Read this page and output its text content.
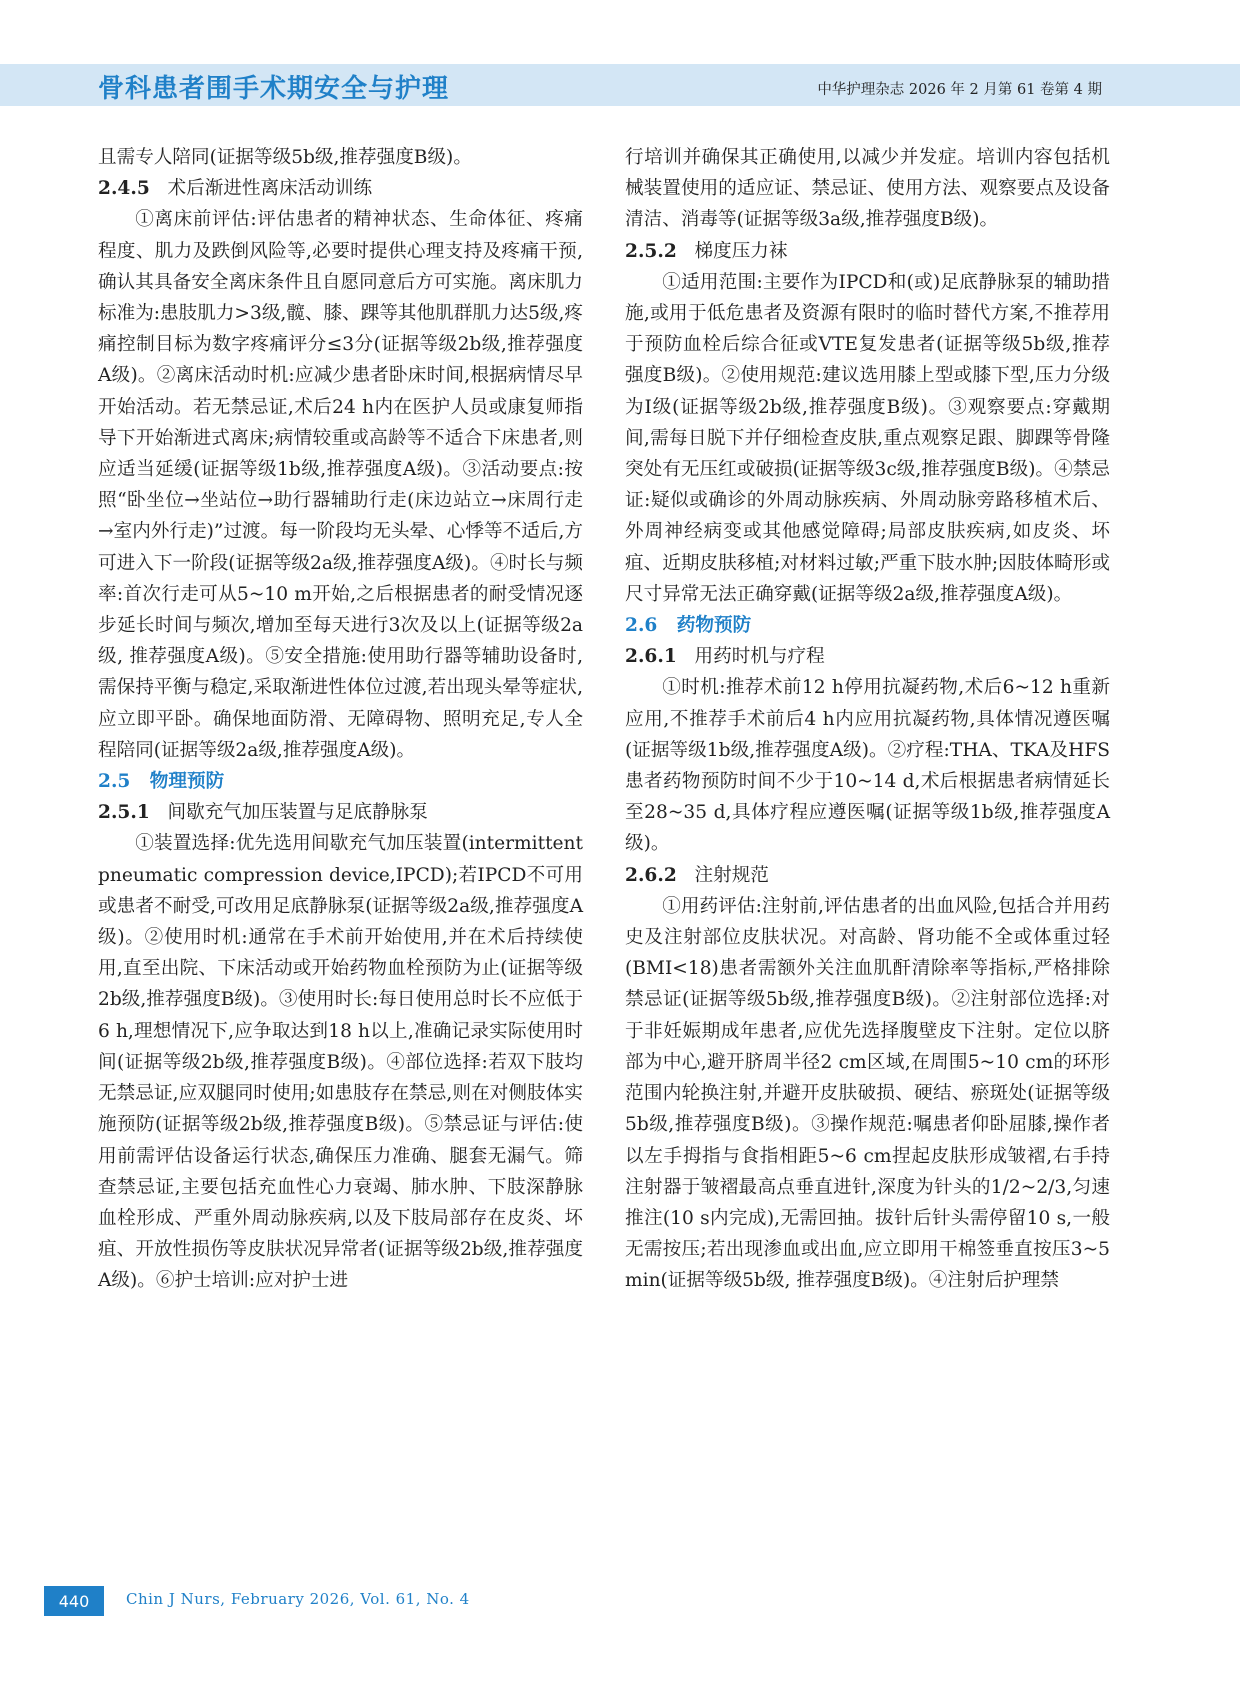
骨科患者围手术期安全与护理	中华护理杂志 2026 年 2 月第 61 卷第 4 期

且需专人陪同(证据等级5b级,推荐强度B级)。

2.4.5 术后渐进性离床活动训练

①离床前评估:评估患者的精神状态、生命体征、疼痛程度、肌力及跌倒风险等,必要时提供心理支持及疼痛干预,确认其具备安全离床条件且自愿同意后方可实施。离床肌力标准为:患肢肌力>3级,髋、膝、踝等其他肌群肌力达5级,疼痛控制目标为数字疼痛评分≤3分(证据等级2b级,推荐强度A级)。②离床活动时机:应减少患者卧床时间,根据病情尽早开始活动。若无禁忌证,术后24 h内在医护人员或康复师指导下开始渐进式离床;病情较重或高龄等不适合下床患者,则应适当延缓(证据等级1b级,推荐强度A级)。③活动要点:按照“卧坐位→坐站位→助行器辅助行走(床边站立→床周行走→室内外行走)”过渡。每一阶段均无头晕、心悸等不适后,方可进入下一阶段(证据等级2a级,推荐强度A级)。④时长与频率:首次行走可从5~10 m开始,之后根据患者的耐受情况逐步延长时间与频次,增加至每天进行3次及以上(证据等级2a级, 推荐强度A级)。⑤安全措施:使用助行器等辅助设备时,需保持平衡与稳定,采取渐进性体位过渡,若出现头晕等症状,应立即平卧。确保地面防滑、无障碍物、照明充足,专人全程陪同(证据等级2a级,推荐强度A级)。

2.5 物理预防

2.5.1 间歇充气加压装置与足底静脉泵

①装置选择:优先选用间歇充气加压装置(intermittent pneumatic compression device,IPCD);若IPCD不可用或患者不耐受,可改用足底静脉泵(证据等级2a级,推荐强度A级)。②使用时机:通常在手术前开始使用,并在术后持续使用,直至出院、下床活动或开始药物血栓预防为止(证据等级2b级,推荐强度B级)。③使用时长:每日使用总时长不应低于6 h,理想情况下,应争取达到18 h以上,准确记录实际使用时间(证据等级2b级,推荐强度B级)。④部位选择:若双下肢均无禁忌证,应双腿同时使用;如患肢存在禁忌,则在对侧肢体实施预防(证据等级2b级,推荐强度B级)。⑤禁忌证与评估:使用前需评估设备运行状态,确保压力准确、腿套无漏气。筛查禁忌证,主要包括充血性心力衰竭、肺水肿、下肢深静脉血栓形成、严重外周动脉疾病,以及下肢局部存在皮炎、坏疽、开放性损伤等皮肤状况异常者(证据等级2b级,推荐强度A级)。⑥护士培训:应对护士进

行培训并确保其正确使用,以减少并发症。培训内容包括机械装置使用的适应证、禁忌证、使用方法、观察要点及设备清洁、消毒等(证据等级3a级,推荐强度B级)。

2.5.2 梯度压力袜

①适用范围:主要作为IPCD和(或)足底静脉泵的辅助措施,或用于低危患者及资源有限时的临时替代方案,不推荐用于预防血栓后综合征或VTE复发患者(证据等级5b级,推荐强度B级)。②使用规范:建议选用膝上型或膝下型,压力分级为Ⅰ级(证据等级2b级,推荐强度B级)。③观察要点:穿戴期间,需每日脱下并仔细检查皮肤,重点观察足跟、脚踝等骨隆突处有无压红或破损(证据等级3c级,推荐强度B级)。④禁忌证:疑似或确诊的外周动脉疾病、外周动脉旁路移植术后、外周神经病变或其他感觉障碍;局部皮肤疾病,如皮炎、坏疽、近期皮肤移植;对材料过敏;严重下肢水肿;因肢体畸形或尺寸异常无法正确穿戴(证据等级2a级,推荐强度A级)。

2.6 药物预防

2.6.1 用药时机与疗程

①时机:推荐术前12 h停用抗凝药物,术后6~12 h重新应用,不推荐手术前后4 h内应用抗凝药物,具体情况遵医嘱(证据等级1b级,推荐强度A级)。②疗程:THA、TKA及HFS患者药物预防时间不少于10~14 d,术后根据患者病情延长至28~35 d,具体疗程应遵医嘱(证据等级1b级,推荐强度A级)。

2.6.2 注射规范

①用药评估:注射前,评估患者的出血风险,包括合并用药史及注射部位皮肤状况。对高龄、肾功能不全或体重过轻(BMI<18)患者需额外关注血肌酐清除率等指标,严格排除禁忌证(证据等级5b级,推荐强度B级)。②注射部位选择:对于非妊娠期成年患者,应优先选择腹壁皮下注射。定位以脐部为中心,避开脐周半径2 cm区域,在周围5~10 cm的环形范围内轮换注射,并避开皮肤破损、硬结、瘀斑处(证据等级5b级,推荐强度B级)。③操作规范:嘱患者仰卧屈膝,操作者以左手拇指与食指相距5~6 cm捏起皮肤形成皱褶,右手持注射器于皱褶最高点垂直进针,深度为针头的1/2~2/3,匀速推注(10 s内完成),无需回抽。拔针后针头需停留10 s,一般无需按压;若出现渗血或出血,应立即用干棉签垂直按压3~5 min(证据等级5b级, 推荐强度B级)。④注射后护理禁

440	Chin J Nurs, February 2026, Vol. 61, No. 4
